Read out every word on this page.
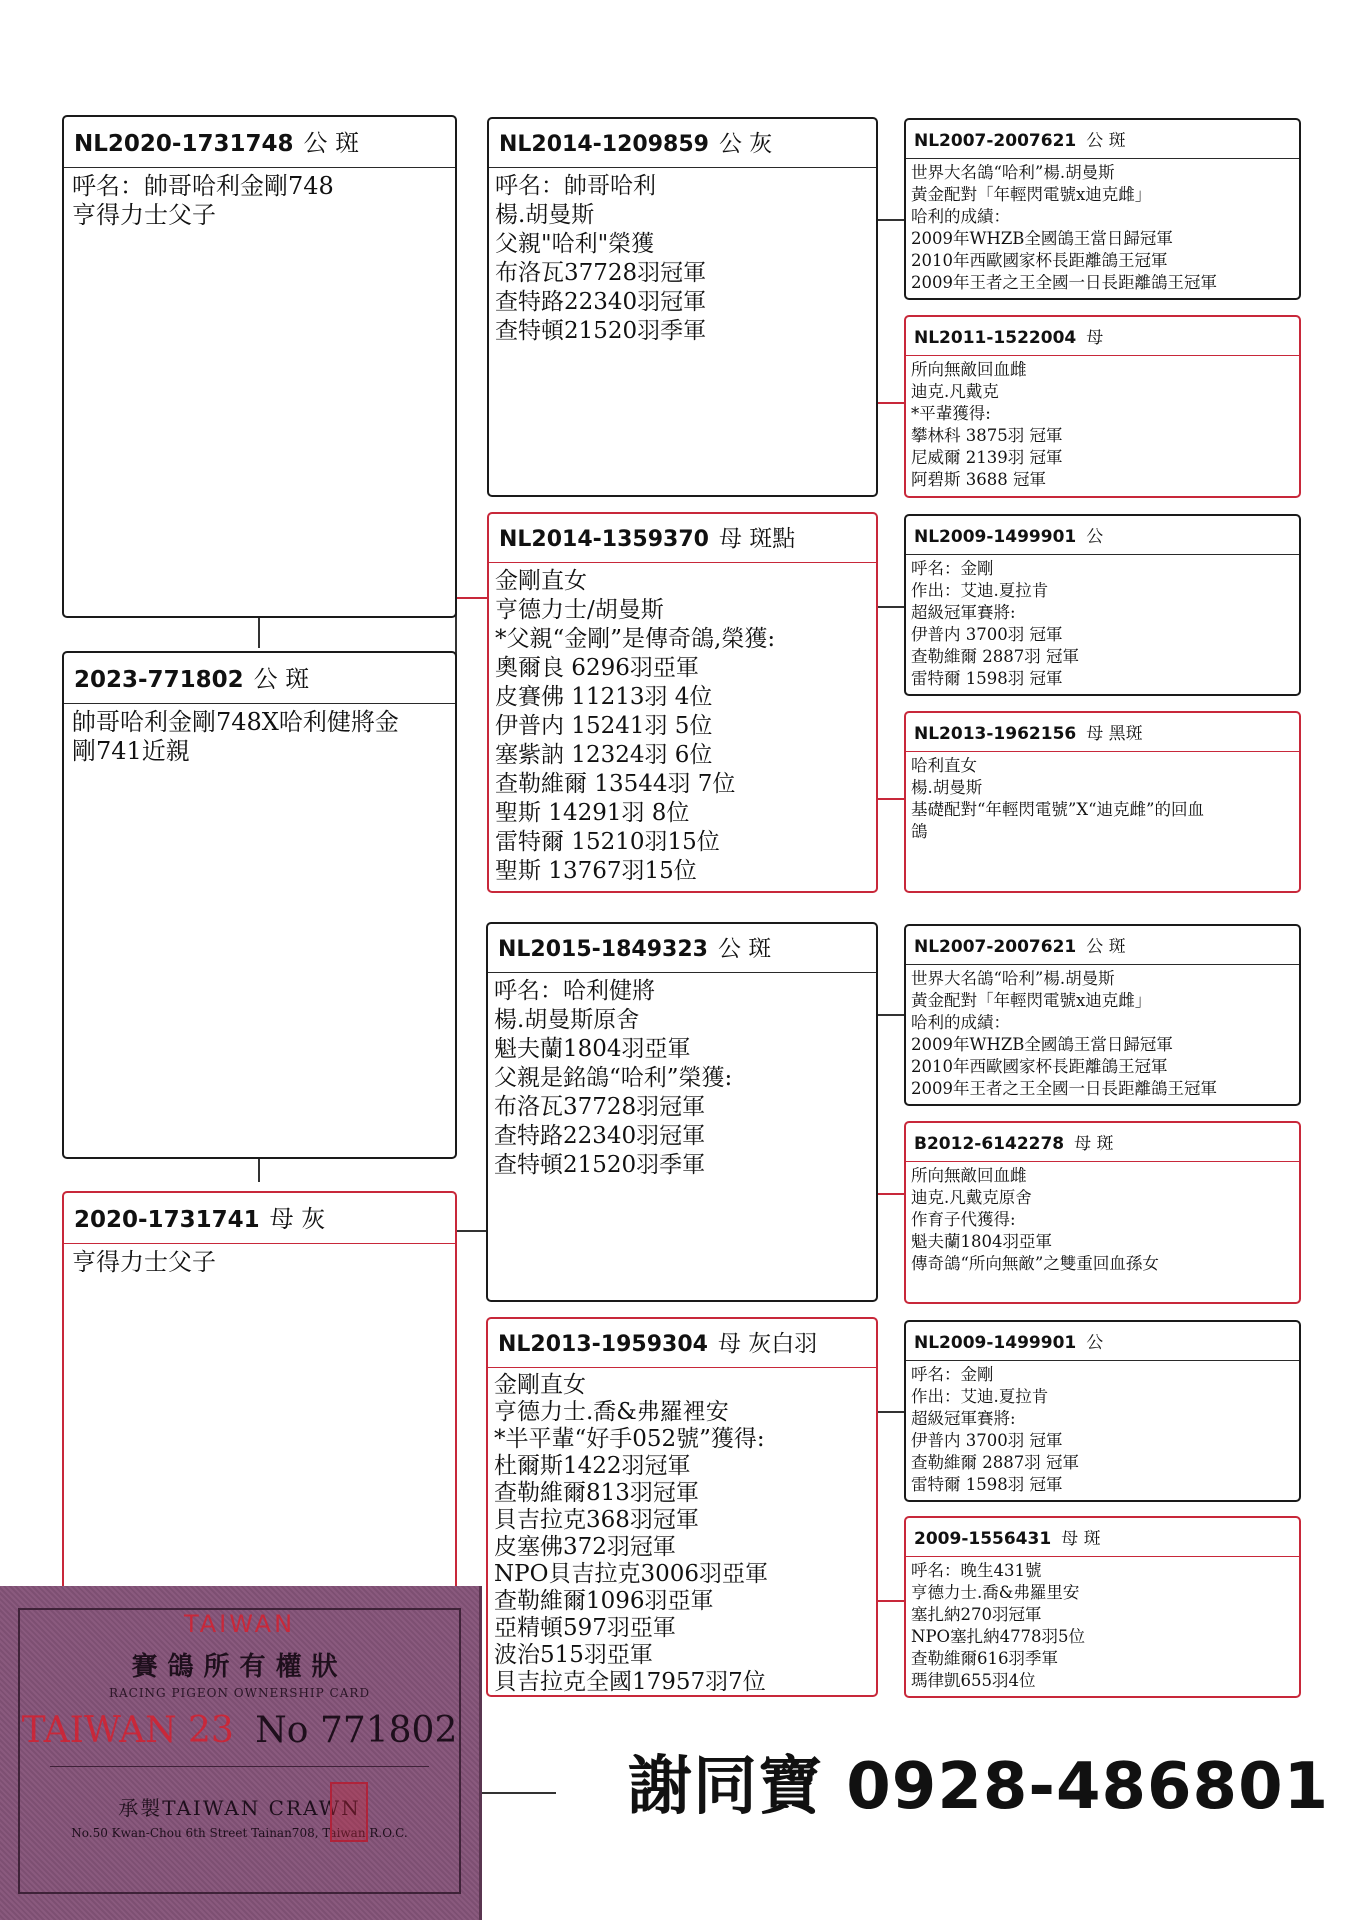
NL2020-1731748 公 斑
呼名：帥哥哈利金剛748
亨得力士父子
2023-771802 公 斑
帥哥哈利金剛748X哈利健將金
剛741近親
2020-1731741 母 灰
亨得力士父子
NL2014-1209859 公 灰
呼名：帥哥哈利
楊.胡曼斯
父親"哈利"榮獲
布洛瓦37728羽冠軍
查特路22340羽冠軍
查特頓21520羽季軍
NL2014-1359370 母 斑點
金剛直女
亨德力士/胡曼斯
*父親“金剛”是傳奇鴿,榮獲:
奧爾良 6296羽亞軍
皮賽佛 11213羽 4位
伊普内 15241羽 5位
塞紫訥 12324羽 6位
查勒維爾 13544羽 7位
聖斯 14291羽 8位
雷特爾 15210羽15位
聖斯 13767羽15位
NL2015-1849323 公 斑
呼名：哈利健將
楊.胡曼斯原舍
魁夫蘭1804羽亞軍
父親是銘鴿“哈利”榮獲:
布洛瓦37728羽冠軍
查特路22340羽冠軍
查特頓21520羽季軍
NL2013-1959304 母 灰白羽
金剛直女
亨德力士.喬&弗羅裡安
*半平輩“好手052號”獲得:
杜爾斯1422羽冠軍
查勒維爾813羽冠軍
貝吉拉克368羽冠軍
皮塞佛372羽冠軍
NPO貝吉拉克3006羽亞軍
查勒維爾1096羽亞軍
亞精頓597羽亞軍
波治515羽亞軍
貝吉拉克全國17957羽7位
NL2007-2007621 公 斑
世界大名鴿“哈利”楊.胡曼斯
黃金配對「年輕閃電號x迪克雌」
哈利的成績：
2009年WHZB全國鴿王當日歸冠軍
2010年西歐國家杯長距離鴿王冠軍
2009年王者之王全國一日長距離鴿王冠軍
NL2011-1522004 母
所向無敵回血雌
迪克.凡戴克
*平輩獲得:
攀林科 3875羽 冠軍
尼威爾 2139羽 冠軍
阿碧斯 3688 冠軍
NL2009-1499901 公
呼名：金剛
作出：艾迪.夏拉肯
超級冠軍賽將:
伊普内 3700羽 冠軍
查勒維爾 2887羽 冠軍
雷特爾 1598羽 冠軍
NL2013-1962156 母 黑斑
哈利直女
楊.胡曼斯
基礎配對“年輕閃電號”X“迪克雌”的回血
鴿
NL2007-2007621 公 斑
世界大名鴿“哈利”楊.胡曼斯
黃金配對「年輕閃電號x迪克雌」
哈利的成績：
2009年WHZB全國鴿王當日歸冠軍
2010年西歐國家杯長距離鴿王冠軍
2009年王者之王全國一日長距離鴿王冠軍
B2012-6142278 母 斑
所向無敵回血雌
迪克.凡戴克原舍
作育子代獲得:
魁夫蘭1804羽亞軍
傳奇鴿“所向無敵”之雙重回血孫女
NL2009-1499901 公
呼名：金剛
作出：艾迪.夏拉肯
超級冠軍賽將:
伊普内 3700羽 冠軍
查勒維爾 2887羽 冠軍
雷特爾 1598羽 冠軍
2009-1556431 母 斑
呼名：晚生431號
亨德力士.喬&弗羅里安
塞扎納270羽冠軍
NPO塞扎納4778羽5位
查勒維爾616羽季軍
瑪律凱655羽4位
TAIWAN
賽鴿所有權狀
RACING PIGEON OWNERSHIP CARD
TAIWAN 23 No 771802
承製TAIWAN CRAWN
No.50 Kwan-Chou 6th Street Tainan708, Taiwan R.O.C.
謝同寶 0928-486801
